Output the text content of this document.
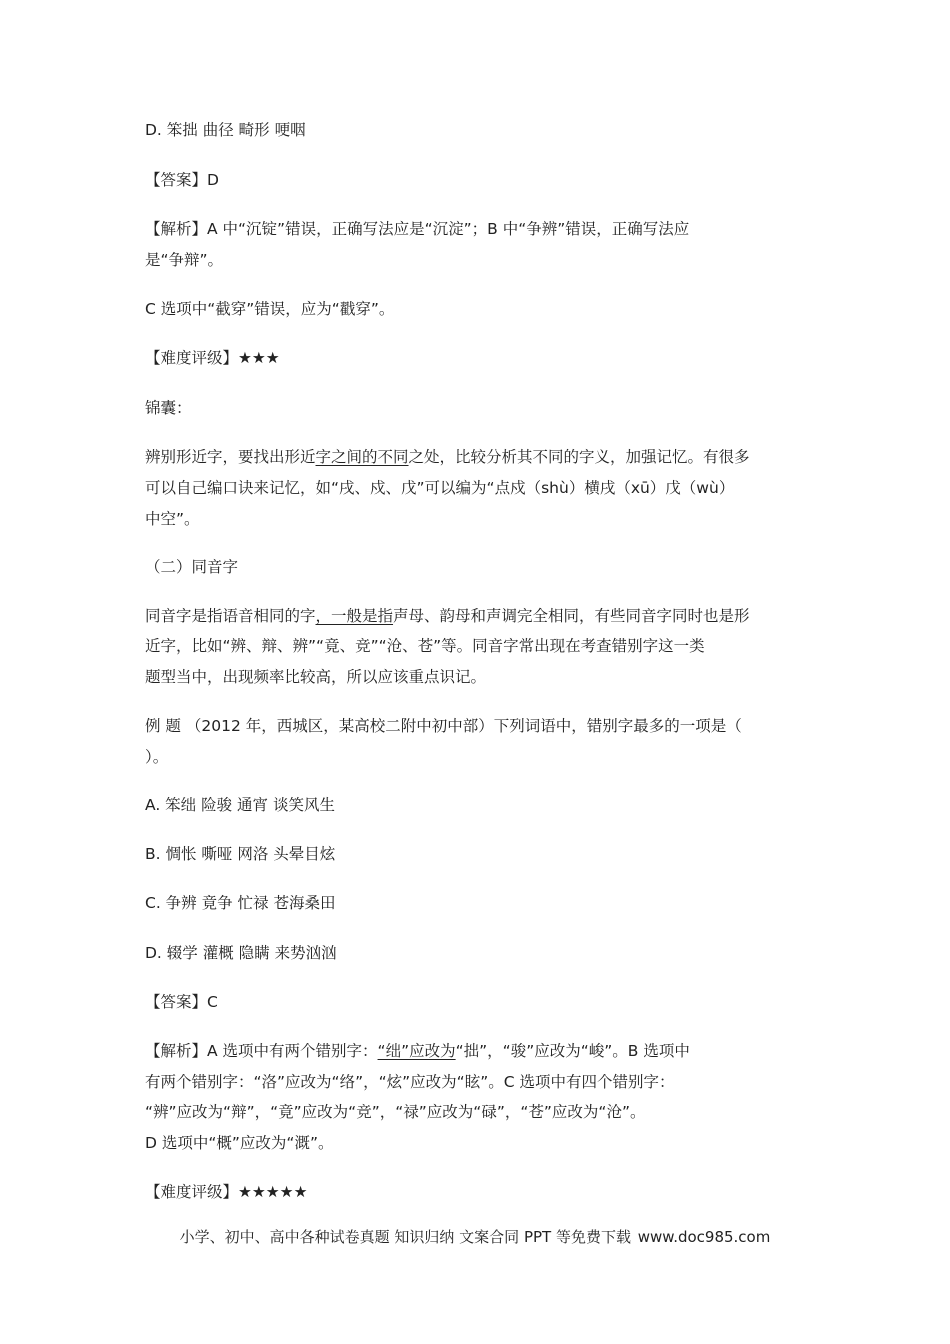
D. 笨拙 曲径 畸形 哽咽
【答案】D
【解析】A 中“沉锭”错误，正确写法应是“沉淀”；B 中“争辨”错误，正确写法应
是“争辩”。
C 选项中“截穿”错误，应为“戳穿”。
【难度评级】★★★
锦囊：
辨别形近字，要找出形近字之间的不同之处，比较分析其不同的字义，加强记忆。有很多
可以自己编口诀来记忆，如“戌、戍、戊”可以编为“点戍（shù）横戌（xū）戊（wù）
中空”。
（二）同音字
同音字是指语音相同的字，一般是指声母、韵母和声调完全相同，有些同音字同时也是形
近字，比如“辨、辩、辨”“竟、竞”“沧、苍”等。同音字常出现在考查错别字这一类
题型当中，出现频率比较高，所以应该重点识记。
例 题 （2012 年，西城区，某高校二附中初中部）下列词语中，错别字最多的一项是（
）。
A. 笨绌 险骏 通宵 谈笑风生
B. 惆怅 嘶哑 网洛 头晕目炫
C. 争辨 竟争 忙禄 苍海桑田
D. 辍学 灌概 隐瞒 来势汹汹
【答案】C
【解析】A 选项中有两个错别字：“绌”应改为“拙”，“骏”应改为“峻”。B 选项中
有两个错别字：“洛”应改为“络”，“炫”应改为“眩”。C 选项中有四个错别字：
“辨”应改为“辩”，“竟”应改为“竞”，“禄”应改为“碌”，“苍”应改为“沧”。
D 选项中“概”应改为“溉”。
【难度评级】★★★★★
小学、初中、高中各种试卷真题 知识归纳 文案合同 PPT 等免费下载 www.doc985.com
